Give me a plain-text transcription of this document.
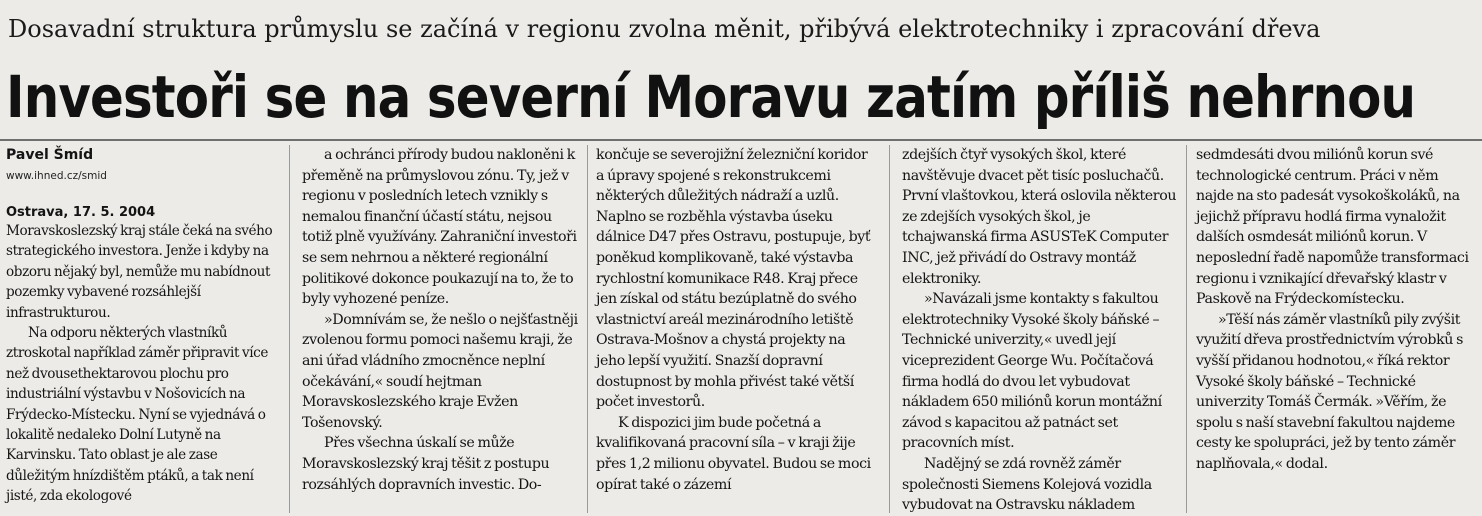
Dosavadní struktura průmyslu se začíná v regionu zvolna měnit, přibývá elektrotechniky i zpracování dřeva
Investoři se na severní Moravu zatím příliš nehrnou
Pavel Šmíd
www.ihned.cz/smid
Ostrava, 17. 5. 2004

Moravskoslezský kraj stále čeká na svého strategického investora. Jenže i kdyby na obzoru nějaký byl, nemůže mu nabídnout pozemky vybavené rozsáhlejší infrastrukturou.

Na odporu některých vlastníků ztroskotal například záměr připravit více než dvousethektarovou plochu pro industriální výstavbu v Nošovicích na Frýdecko-Místecku. Nyní se vyjednává o lokalitě nedaleko Dolní Lutyně na Karvinsku. Tato oblast je ale zase důležitým hnízdištěm ptáků, a tak není jisté, zda ekologové

a ochránci přírody budou nakloněni k přeměně na průmyslovou zónu. Ty, jež v regionu v posledních letech vznikly s nemalou finanční účastí státu, nejsou totiž plně využívány. Zahraniční investoři se sem nehrnou a některé regionální politikové dokonce poukazují na to, že to byly vyhozené peníze.

»Domnívám se, že nešlo o nejšťastněji zvolenou formu pomoci našemu kraji, že ani úřad vládního zmocněnce neplní očekávání,« soudí hejtman Moravskoslezského kraje Evžen Tošenovský.

Přes všechna úskalí se může Moravskoslezský kraj těšit z postupu rozsáhlých dopravních investic. Do-

končuje se severojižní železniční koridor a úpravy spojené s rekonstrukcemi některých důležitých nádraží a uzlů. Naplno se rozběhla výstavba úseku dálnice D47 přes Ostravu, postupuje, byť poněkud komplikovaně, také výstavba rychlostní komunikace R48. Kraj přece jen získal od státu bezúplatně do svého vlastnictví areál mezinárodního letiště Ostrava-Mošnov a chystá projekty na jeho lepší využití. Snazší dopravní dostupnost by mohla přivést také větší počet investorů.

K dispozici jim bude početná a kvalifikovaná pracovní síla – v kraji žije přes 1,2 milionu obyvatel. Budou se moci opírat také o zázemí

zdejších čtyř vysokých škol, které navštěvuje dvacet pět tisíc posluchačů. První vlaštovkou, která oslovila některou ze zdejších vysokých škol, je tchajwanská firma ASUSTeK Computer INC, jež přivádí do Ostravy montáž elektroniky.

»Navázali jsme kontakty s fakultou elektrotechniky Vysoké školy báňské – Technické univerzity,« uvedl její viceprezident George Wu. Počítačová firma hodlá do dvou let vybudovat nákladem 650 miliónů korun montážní závod s kapacitou až patnáct set pracovních míst.

Nadějný se zdá rovněž záměr společnosti Siemens Kolejová vozidla vybudovat na Ostravsku nákladem

sedmdesáti dvou miliónů korun své technologické centrum. Práci v něm najde na sto padesát vysokoškoláků, na jejichž přípravu hodlá firma vynaložit dalších osmdesát miliónů korun. V neposlední řadě napomůže transformaci regionu i vznikající dřevařský klastr v Paskově na Frýdeckomístecku.

»Těší nás záměr vlastníků pily zvýšit využití dřeva prostřednictvím výrobků s vyšší přidanou hodnotou,« říká rektor Vysoké školy báňské – Technické univerzity Tomáš Čermák. »Věřím, že spolu s naší stavební fakultou najdeme cesty ke spolupráci, jež by tento záměr naplňovala,« dodal.
